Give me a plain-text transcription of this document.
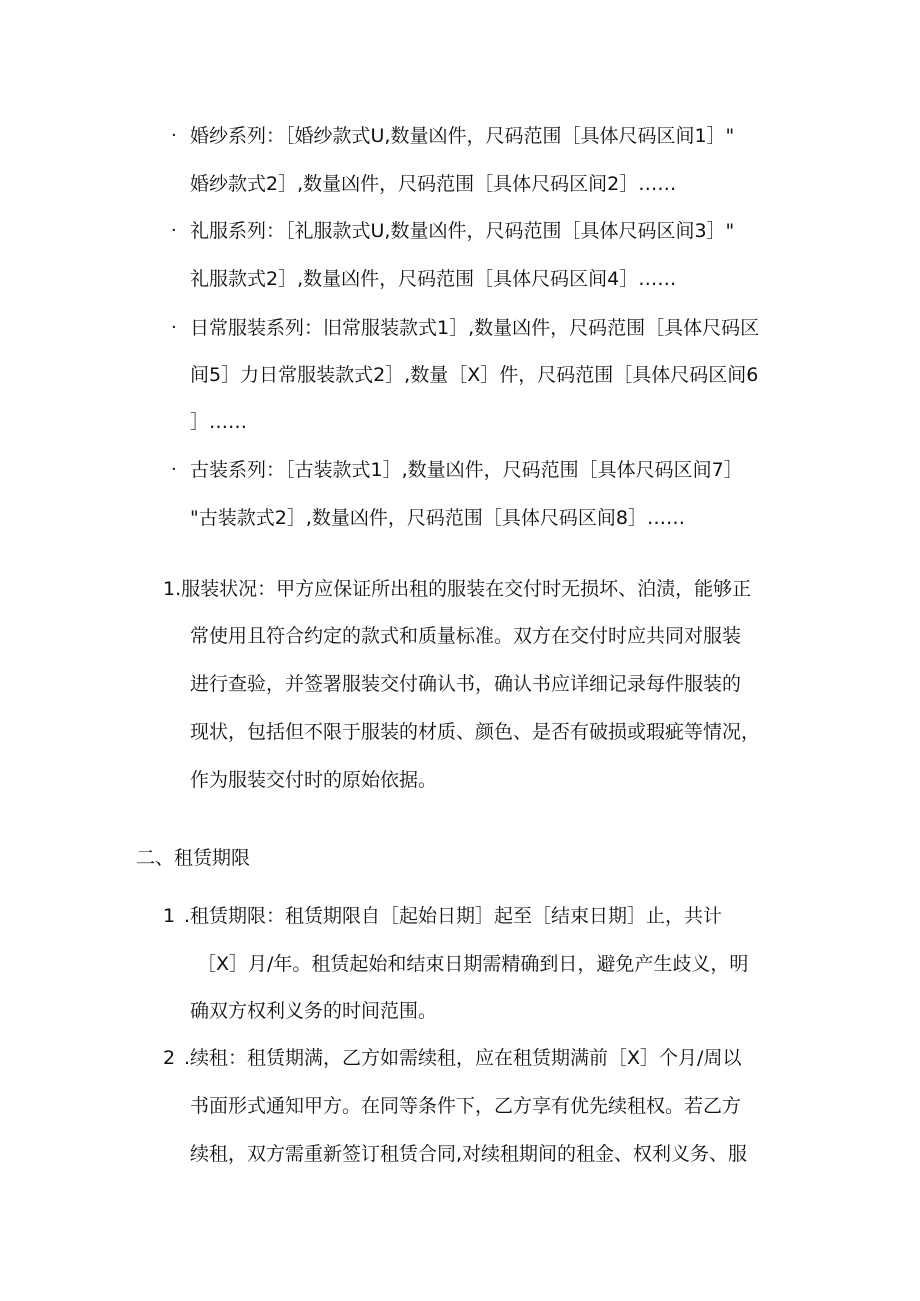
· 婚纱系列：［婚纱款式U,数量凶件，尺码范围［具体尺码区间1］"
婚纱款式2］,数量凶件，尺码范围［具体尺码区间2］……
· 礼服系列：［礼服款式U,数量凶件，尺码范围［具体尺码区间3］"
礼服款式2］,数量凶件，尺码范围［具体尺码区间4］……
· 日常服装系列：旧常服装款式1］,数量凶件，尺码范围［具体尺码区
间5］力日常服装款式2］,数量［X］件，尺码范围［具体尺码区间6
］……
· 古装系列：［古装款式1］,数量凶件，尺码范围［具体尺码区间7］
"古装款式2］,数量凶件，尺码范围［具体尺码区间8］……
1.服装状况：甲方应保证所出租的服装在交付时无损坏、泊渍，能够正
常使用且符合约定的款式和质量标准。双方在交付时应共同对服装
进行查验，并签署服装交付确认书，确认书应详细记录每件服装的
现状，包括但不限于服装的材质、颜色、是否有破损或瑕疵等情况，
作为服装交付时的原始依据。
二、租赁期限
1 .租赁期限：租赁期限自［起始日期］起至［结束日期］止，共计
［X］月/年。租赁起始和结束日期需精确到日，避免产生歧义，明
确双方权利义务的时间范围。
2 .续租：租赁期满，乙方如需续租，应在租赁期满前［X］个月/周以
书面形式通知甲方。在同等条件下，乙方享有优先续租权。若乙方
续租，双方需重新签订租赁合同,对续租期间的租金、权利义务、服
